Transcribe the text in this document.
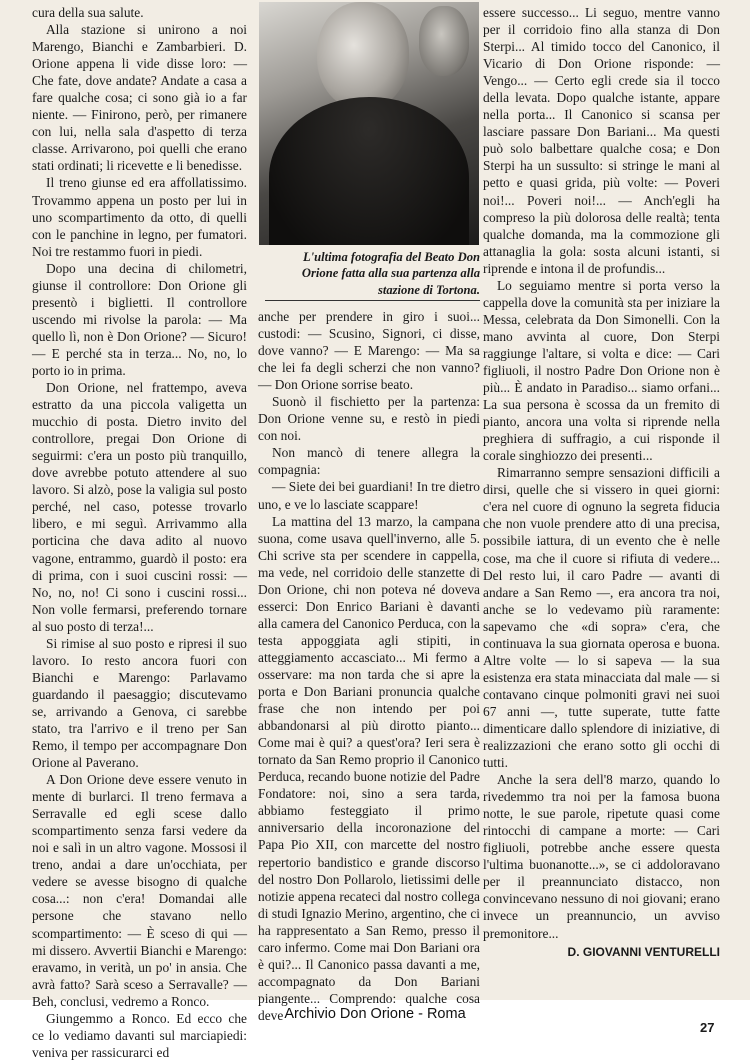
cura della sua salute.

Alla stazione si unirono a noi Marengo, Bianchi e Zambarbieri. D. Orione appena li vide disse loro: — Che fate, dove andate? Andate a casa a fare qualche cosa; ci sono già io a far niente. — Finirono, però, per rimanere con lui, nella sala d'aspetto di terza classe. Arrivarono, poi quelli che erano stati ordinati; li ricevette e li benedisse.

Il treno giunse ed era affollatissimo. Trovammo appena un posto per lui in uno scompartimento da otto, di quelli con le panchine in legno, per fumatori. Noi tre restammo fuori in piedi.

Dopo una decina di chilometri, giunse il controllore: Don Orione gli presentò i biglietti. Il controllore uscendo mi rivolse la parola: — Ma quello lì, non è Don Orione? — Sicuro! — E perché sta in terza... No, no, lo porto io in prima.

Don Orione, nel frattempo, aveva estratto da una piccola valigetta un mucchio di posta. Dietro invito del controllore, pregai Don Orione di seguirmi: c'era un posto più tranquillo, dove avrebbe potuto attendere al suo lavoro. Si alzò, pose la valigia sul posto perché, nel caso, potesse trovarlo libero, e mi seguì. Arrivammo alla porticina che dava adito al nuovo vagone, entrammo, guardò il posto: era di prima, con i suoi cuscini rossi: — No, no, no! Ci sono i cuscini rossi... Non volle fermarsi, preferendo tornare al suo posto di terza!...

Si rimise al suo posto e ripresi il suo lavoro. Io resto ancora fuori con Bianchi e Marengo: Parlavamo guardando il paesaggio; discutevamo se, arrivando a Genova, ci sarebbe stato, tra l'arrivo e il treno per San Remo, il tempo per accompagnare Don Orione al Paverano.

A Don Orione deve essere venuto in mente di burlarci. Il treno fermava a Serravalle ed egli scese dallo scompartimento senza farsi vedere da noi e salì in un altro vagone. Mossosi il treno, andai a dare un'occhiata, per vedere se avesse bisogno di qualche cosa...: non c'era! Domandai alle persone che stavano nello scompartimento: — È sceso di qui — mi dissero. Avvertii Bianchi e Marengo: eravamo, in verità, un po' in ansia. Che avrà fatto? Sarà sceso a Serravalle? — Beh, conclusi, vedremo a Ronco.

Giungemmo a Ronco. Ed ecco che ce lo vediamo davanti sul marciapiedi: veniva per rassicurarci ed

L'ultima fotografia del Beato Don Orione fatta alla sua partenza alla stazione di Tortona.

anche per prendere in giro i suoi... custodi: — Scusino, Signori, ci disse, dove vanno? — E Marengo: — Ma sa che lei fa degli scherzi che non vanno? — Don Orione sorrise beato.

Suonò il fischietto per la partenza: Don Orione venne su, e restò in piedi con noi.

Non mancò di tenere allegra la compagnia:

— Siete dei bei guardiani! In tre dietro uno, e ve lo lasciate scappare!

La mattina del 13 marzo, la campana suona, come usava quell'inverno, alle 5. Chi scrive sta per scendere in cappella, ma vede, nel corridoio delle stanzette di Don Orione, chi non poteva né doveva esserci: Don Enrico Bariani è davanti alla camera del Canonico Perduca, con la testa appoggiata agli stipiti, in atteggiamento accasciato... Mi fermo a osservare: ma non tarda che si apre la porta e Don Bariani pronuncia qualche frase che non intendo per poi abbandonarsi al più dirotto pianto... Come mai è qui? a quest'ora? Ieri sera è tornato da San Remo proprio il Canonico Perduca, recando buone notizie del Padre Fondatore: noi, sino a sera tarda, abbiamo festeggiato il primo anniversario della incoronazione del Papa Pio XII, con marcette del nostro repertorio bandistico e grande discorso del nostro Don Pollarolo, lietissimi delle notizie appena recateci dal nostro collega di studi Ignazio Merino, argentino, che ci ha rappresentato a San Remo, presso il caro infermo. Come mai Don Bariani ora è qui?... Il Canonico passa davanti a me, accompagnato da Don Bariani piangente... Comprendo: qualche cosa deve

essere successo... Li seguo, mentre vanno per il corridoio fino alla stanza di Don Sterpi... Al timido tocco del Canonico, il Vicario di Don Orione risponde: — Vengo... — Certo egli crede sia il tocco della levata. Dopo qualche istante, appare nella porta... Il Canonico si scansa per lasciare passare Don Bariani... Ma questi può solo balbettare qualche cosa; e Don Sterpi ha un sussulto: si stringe le mani al petto e quasi grida, più volte: — Poveri noi!... Poveri noi!... — Anch'egli ha compreso la più dolorosa delle realtà; tenta qualche domanda, ma la commozione gli attanaglia la gola: sosta alcuni istanti, si riprende e intona il de profundis...

Lo seguiamo mentre si porta verso la cappella dove la comunità sta per iniziare la Messa, celebrata da Don Simonelli. Con la mano avvinta al cuore, Don Sterpi raggiunge l'altare, si volta e dice: — Cari figliuoli, il nostro Padre Don Orione non è più... È andato in Paradiso... siamo orfani... La sua persona è scossa da un fremito di pianto, ancora una volta si riprende nella preghiera di suffragio, a cui risponde il corale singhiozzo dei presenti...

Rimarranno sempre sensazioni difficili a dirsi, quelle che si vissero in quei giorni: c'era nel cuore di ognuno la segreta fiducia che non vuole prendere atto di una precisa, possibile iattura, di un evento che è nelle cose, ma che il cuore si rifiuta di vedere... Del resto lui, il caro Padre — avanti di andare a San Remo —, era ancora tra noi, anche se lo vedevamo più raramente: sapevamo che «di sopra» c'era, che continuava la sua giornata operosa e buona. Altre volte — lo si sapeva — la sua esistenza era stata minacciata dal male — si contavano cinque polmoniti gravi nei suoi 67 anni —, tutte superate, tutte fatte dimenticare dallo splendore di iniziative, di realizzazioni che erano sotto gli occhi di tutti.

Anche la sera dell'8 marzo, quando lo rivedemmo tra noi per la famosa buona notte, le sue parole, ripetute quasi come rintocchi di campane a morte: — Cari figliuoli, potrebbe anche essere questa l'ultima buonanotte...», se ci addoloravano per il preannunciato distacco, non convincevano nessuno di noi giovani; erano invece un preannuncio, un avviso premonitore...

D. GIOVANNI VENTURELLI
27
Archivio Don Orione - Roma
